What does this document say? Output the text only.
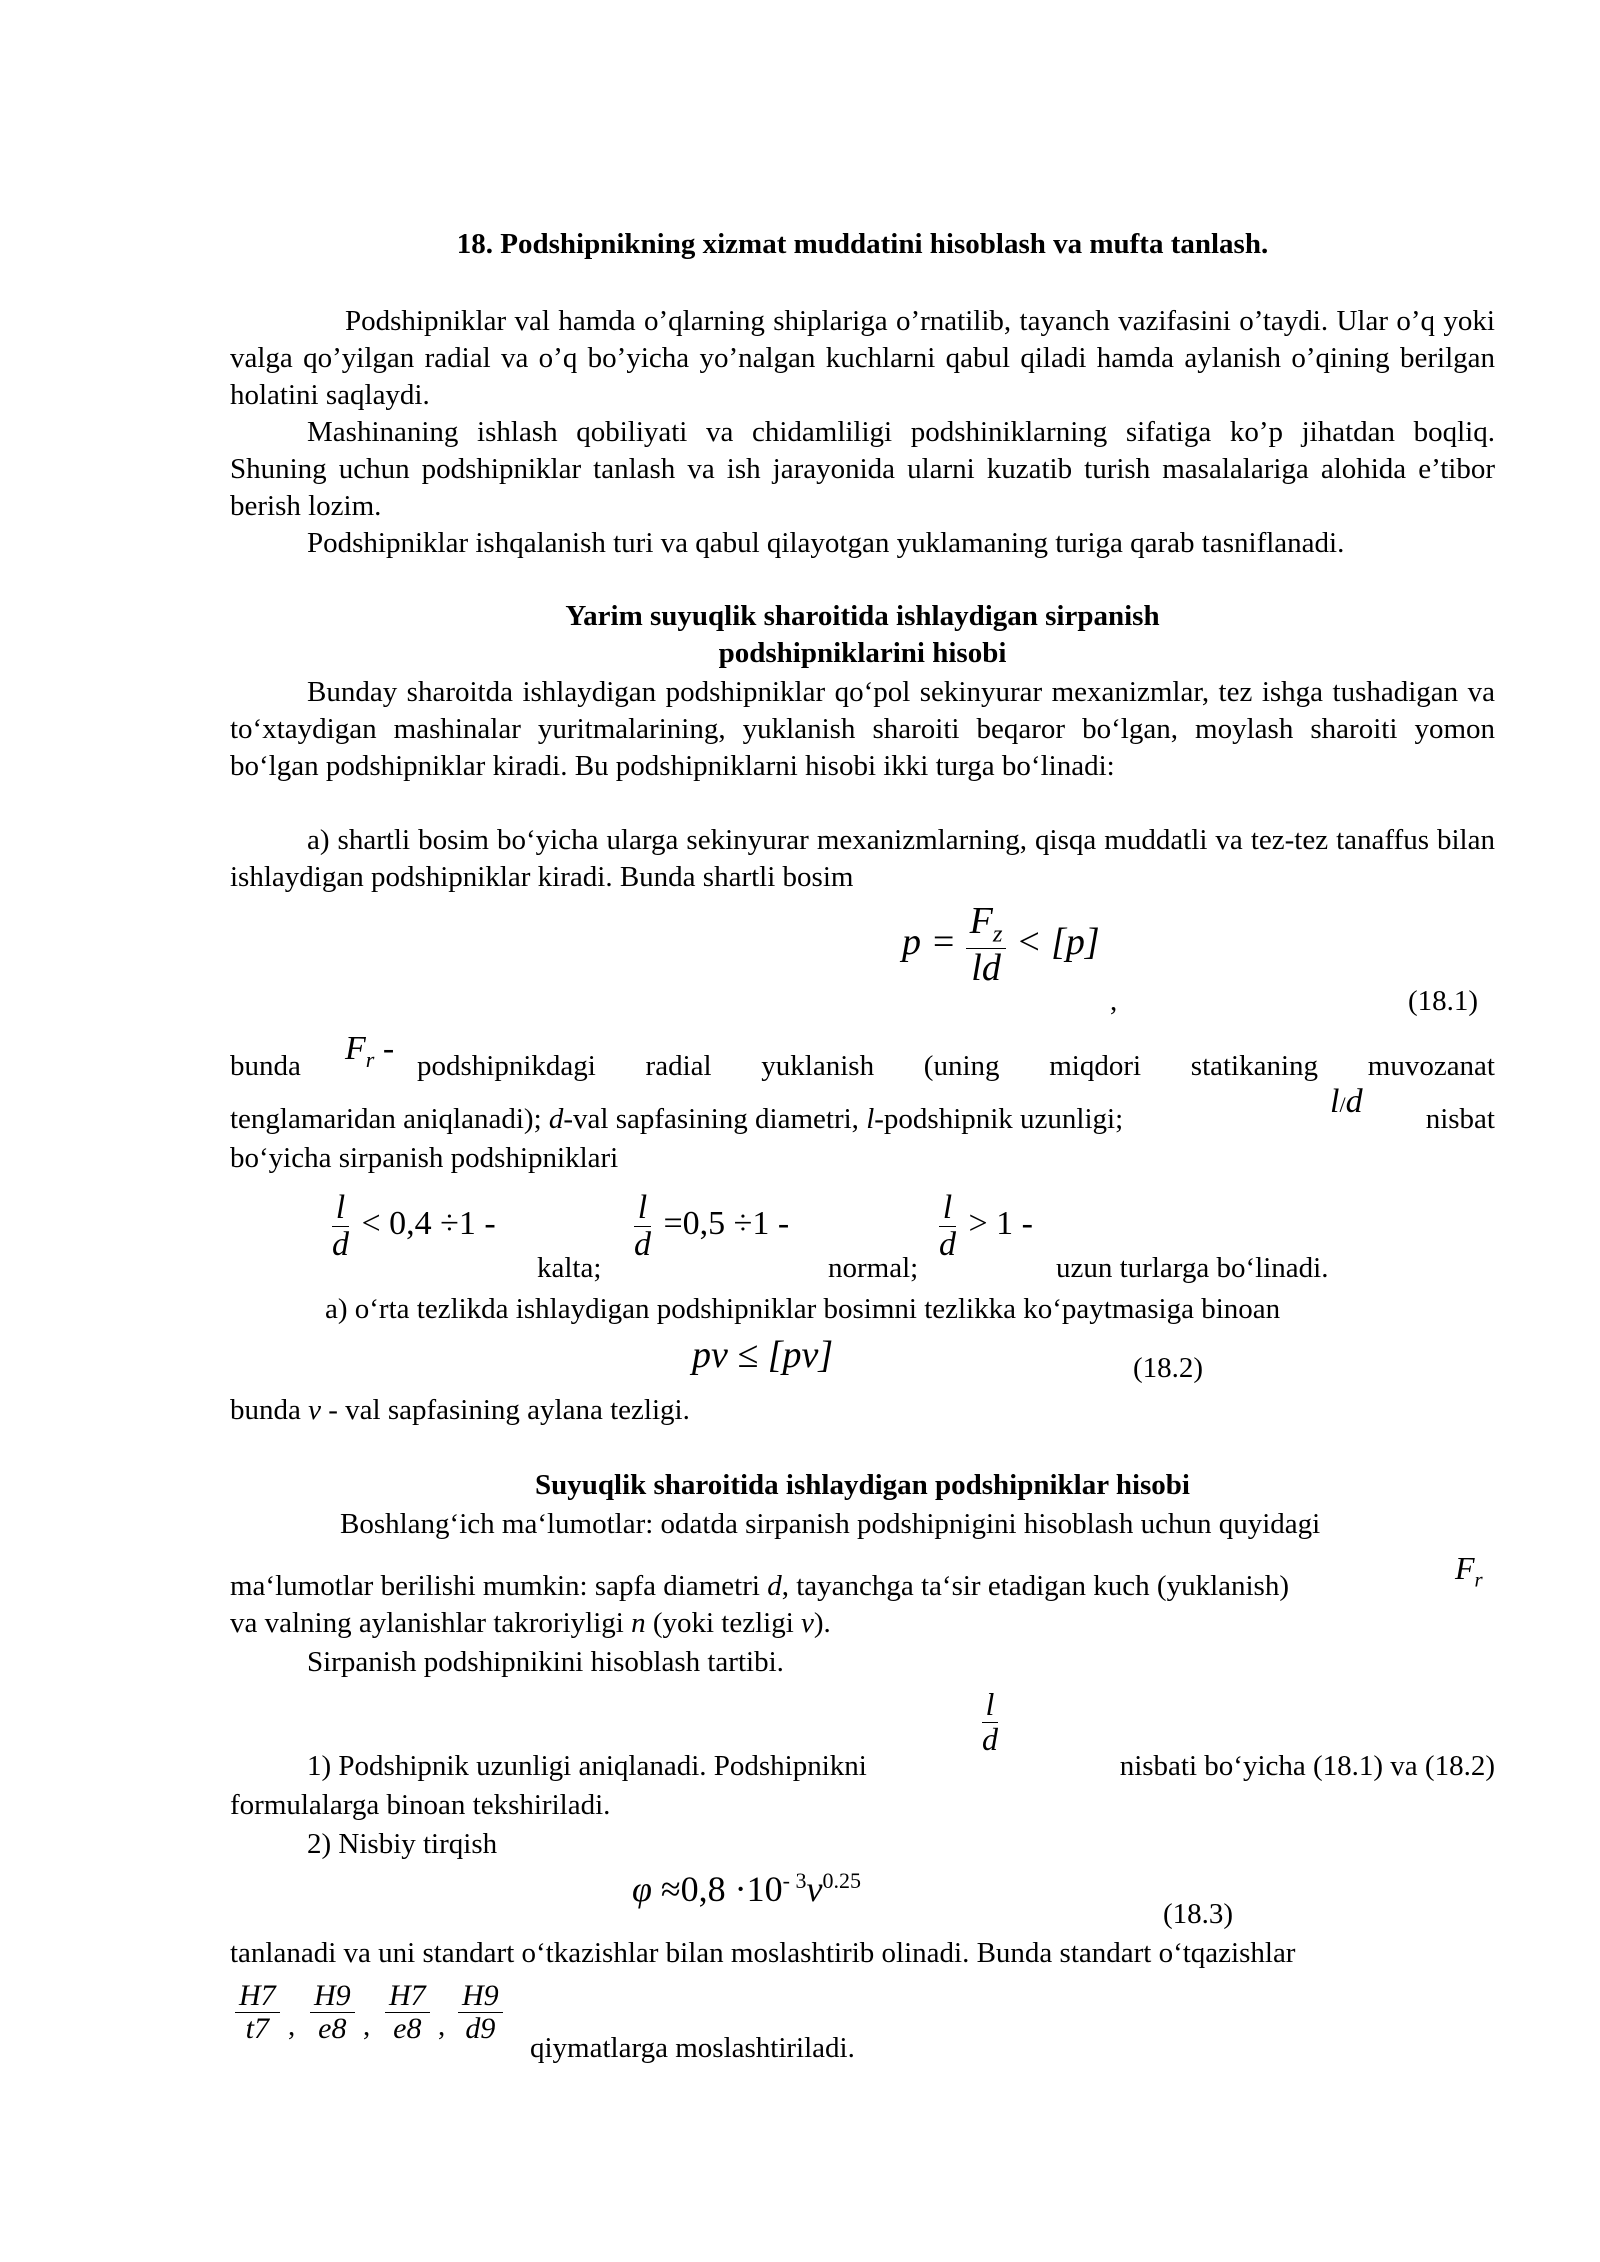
18. Podshipnikning xizmat muddatini hisoblash va mufta tanlash.

Podshipniklar val hamda o’qlarning shiplariga o’rnatilib, tayanch vazifasini o’taydi. Ular o’q yoki valga qo’yilgan radial va o’q bo’yicha yo’nalgan kuchlarni qabul qiladi hamda aylanish o’qining berilgan holatini saqlaydi.

Mashinaning ishlash qobiliyati va chidamliligi podshiniklarning sifatiga ko’p jihatdan boqliq. Shuning uchun podshipniklar tanlash va ish jarayonida ularni kuzatib turish masalalariga alohida e’tibor berish lozim.

Podshipniklar ishqalanish turi va qabul qilayotgan yuklamaning turiga qarab tasniflanadi.

Yarim suyuqlik sharoitida ishlaydigan sirpanish

podshipniklarini hisobi

Bunday sharoitda ishlaydigan podshipniklar qo‘pol sekinyurar mexanizmlar, tez ishga tushadigan va to‘xtaydigan mashinalar yuritmalarining, yuklanish sharoiti beqaror bo‘lgan, moylash sharoiti yomon bo‘lgan podshipniklar kiradi. Bu podshipniklarni hisobi ikki turga bo‘linadi:

a) shartli bosim bo‘yicha ularga sekinyurar mexanizmlarning, qisqa muddatli va tez-tez tanaffus bilan ishlaydigan podshipniklar kiradi. Bunda shartli bosim

$p = \frac{F_z}{ld} < [p]$
,	(18.1)
bunda $F_r$ - podshipnikdagi radial yuklanish (uning miqdori statikaning muvozanat
tenglamaridan aniqlanadi); d-val sapfasining diametri, l-podshipnik uzunligi;	l/d nisbat

bo‘yicha sirpanish podshipniklari

$\frac{l}{d} < 0,4 \div 1$ -
kalta;
$\frac{l}{d} =0,5 \div 1$ -
normal;
$\frac{l}{d} > 1$ -
uzun turlarga bo‘linadi.

a) o‘rta tezlikda ishlaydigan podshipniklar bosimni tezlikka ko‘paytmasiga binoan

pv ≤ [pv]	(18.2)
bunda v - val sapfasining aylana tezligi.

Suyuqlik sharoitida ishlaydigan podshipniklar hisobi

Boshlang‘ich ma‘lumotlar: odatda sirpanish podshipnigini hisoblash uchun quyidagi

ma‘lumotlar berilishi mumkin: sapfa diametri d, tayanchga ta‘sir etadigan kuch (yuklanish)	$F_r$
va valning aylanishlar takroriyligi n (yoki tezligi v).

Sirpanish podshipnikini hisoblash tartibi.

1) Podshipnik uzunligi aniqlanadi. Podshipnikni
$\frac{l}{d}$
nisbati bo‘yicha (18.1) va (18.2)

formulalarga binoan tekshiriladi.

2) Nisbiy tirqish

$\varphi \approx 0,8 \cdot 10^{- 3}v^{0.25}$
(18.3)

tanlanadi va uni standart o‘tkazishlar bilan moslashtirib olinadi. Bunda standart o‘tqazishlar

$\frac{H7}{t7}$ , $\frac{H9}{e8}$ , $\frac{H7}{e8}$ , $\frac{H9}{d9}$
qiymatlarga moslashtiriladi.
